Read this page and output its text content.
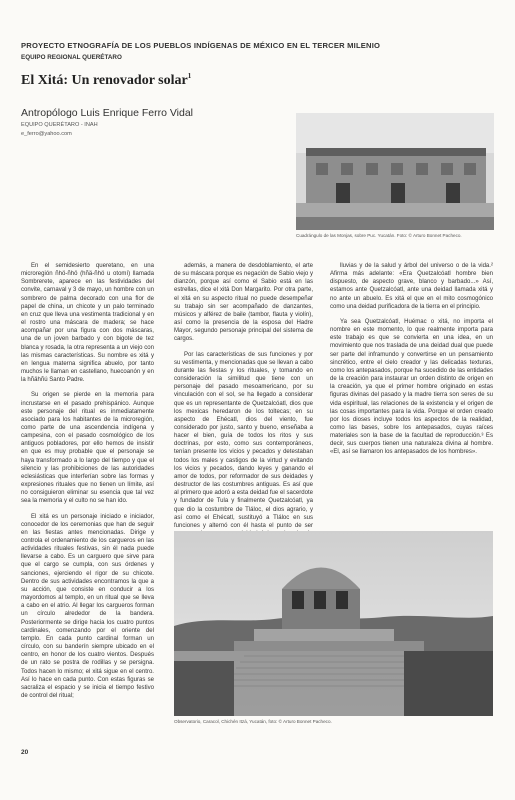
PROYECTO ETNOGRAFÍA DE LOS PUEBLOS INDÍGENAS DE MÉXICO EN EL TERCER MILENIO
EQUIPO REGIONAL QUERÉTARO
El Xitá: Un renovador solar$^1$
Antropólogo Luis Enrique Ferro Vidal
EQUIPO QUERÉTARO - INAH
e_ferro@yahoo.com
Cuadrángulo de las Monjas, sobre Puc. Yucatán. Foto: © Arturo Bonnet Pacheco.

En el semidesierto queretano, en una microregión ñhö-ñhö (hñä-ñhö u otomí) llamada Sombrerete, aparece en las festividades del convite, carnaval y 3 de mayo, un hombre con un sombrero de palma decorado con una flor de papel de china, un chicote y un palo terminado en cruz que lleva una vestimenta tradicional y en el rostro una máscara de madera; se hace acompañar por una figura con dos máscaras, una de un joven barbado y con bigote de tez blanca y rosada, la otra representa a un viejo con las mismas características. Su nombre es xitá y en lengua materna significa abuelo, por tanto muchos le llaman en castellano, huecoanón y en la hñähñú Santo Padre.

Su origen se pierde en la memoria para incrustarse en el pasado prehispánico. Aunque este personaje del ritual es inmediatamente asociado para los habitantes de la microregión, como parte de una ascendencia indígena y campesina, con el pasado cosmológico de los antiguos pobladores, por ello hemos de insistir en que es muy probable que el personaje se haya transformado a lo largo del tiempo y que el silencio y las prohibiciones de las autoridades eclesiásticas que interferían sobre las formas y expresiones rituales que no tienen un límite, así no consiguieron eliminar su esencia que tal vez sea la memoria y el culto no se han ido.

El xitá es un personaje iniciado e iniciador, conocedor de los ceremonias que han de seguir en las fiestas antes mencionadas. Dirige y controla el ordenamiento de los cargueros en las actividades rituales festivas, sin él nada puede llevarse a cabo. Es un carguero que sirve para que el cargo se cumpla, con sus órdenes y sanciones, ejerciendo el rigor de su chicote. Dentro de sus actividades encontramos la que a su acción, que consiste en conducir a los mayordomos al templo, en un ritual que se lleva a cabo en el atrio. Al llegar los cargueros forman un círculo alrededor de la bandera. Posteriormente se dirige hacia los cuatro puntos cardinales, comenzando por el oriente del templo. En cada punto cardinal forman un círculo, con su banderín siempre ubicado en el centro, en honor de los cuatro vientos. Después de un rato se postra de rodillas y se persigna. Todos hacen lo mismo; el xitá sigue en el centro. Así lo hace en cada punto. Con estas figuras se sacraliza el espacio y se inicia el tiempo festivo de control del ritual;

además, a manera de desdoblamiento, el arte de su máscara porque es negación de Sabio viejo y dianzón, porque así como el Sabio está en las estrellas, dice el xitá Don Margarito. Por otra parte, el xitá en su aspecto ritual no puede desempeñar su trabajo sin ser acompañado de danzantes, músicos y alférez de baile (tambor, flauta y violín), así como la presencia de la esposa del Hadre Mayor, segundo personaje principal del sistema de cargos.

Por las características de sus funciones y por su vestimenta, y mencionadas que se llevan a cabo durante las fiestas y los rituales, y tomando en consideración la similitud que tiene con un personaje del pasado mesoamericano, por su vinculación con el sol, se ha llegado a considerar que es un representante de Quetzalcóatl, dios que los mexicas heredaron de los toltecas; en su aspecto de Ehécatl, dios del viento, fue considerado por justo, santo y bueno, enseñaba a hacer el bien, guía de todos los ritos y sus doctrinas, por esto, como sus contemporáneos, tenían presente los vicios y pecados y detestaban todos los males y castigos de la virtud y evitando los vicios y pecados, dando leyes y ganando el amor de todos, por reformador de sus deidades y destructor de las costumbres antiguas. Es así que al primero que adoró a esta deidad fue el sacerdote y fundador de Tula y finalmente Quetzalcóatl, ya que dio la costumbre de Tláloc, el dios agrario, y así como el Ehécatl, sustituyó a Tláloc en sus funciones y alternó con él hasta el punto de ser

lluvias y de la salud y árbol del universo o de la vida.² Afirma más adelante: «Era Quetzalcóatl hombre bien dispuesto, de aspecto grave, blanco y barbado...» Así, estamos ante Quetzalcóatl, ante una deidad llamada xitá y no ante un abuelo. Es xitá el que en el mito cosmogónico como una deidad purificadora de la tierra en el principio.

Ya sea Quetzalcóatl, Huémac o xitá, no importa el nombre en este momento, lo que realmente importa para este trabajo es que se convierta en una idea, en un movimiento que nos traslada de una deidad dual que puede ser parte del inframundo y convertirse en un pensamiento sincrético, entre el cielo creador y las delicadas texturas, como los antepasados, porque ha sucedido de las entidades de la creación para instaurar un orden distinto de origen en la creación, ya que el primer hombre originado en estas figuras divinas del pasado y la madre tierra son seres de su vida espiritual, las relaciones de la existencia y el origen de las cosas importantes para la vida. Porque el orden creado por los dioses incluye todos los aspectos de la realidad, como las bases, sobre los antepasados, cuyas raíces materiales son la base de la facultad de reproducción.³ Es decir, sus cuerpos tienen una naturaleza divina al hombre. «El, así se llamaron los antepasados de los hombres».

Observatorio, Caracol, Chichén Itzá, Yucatán, foto: © Arturo Bonnet Pacheco.
20
